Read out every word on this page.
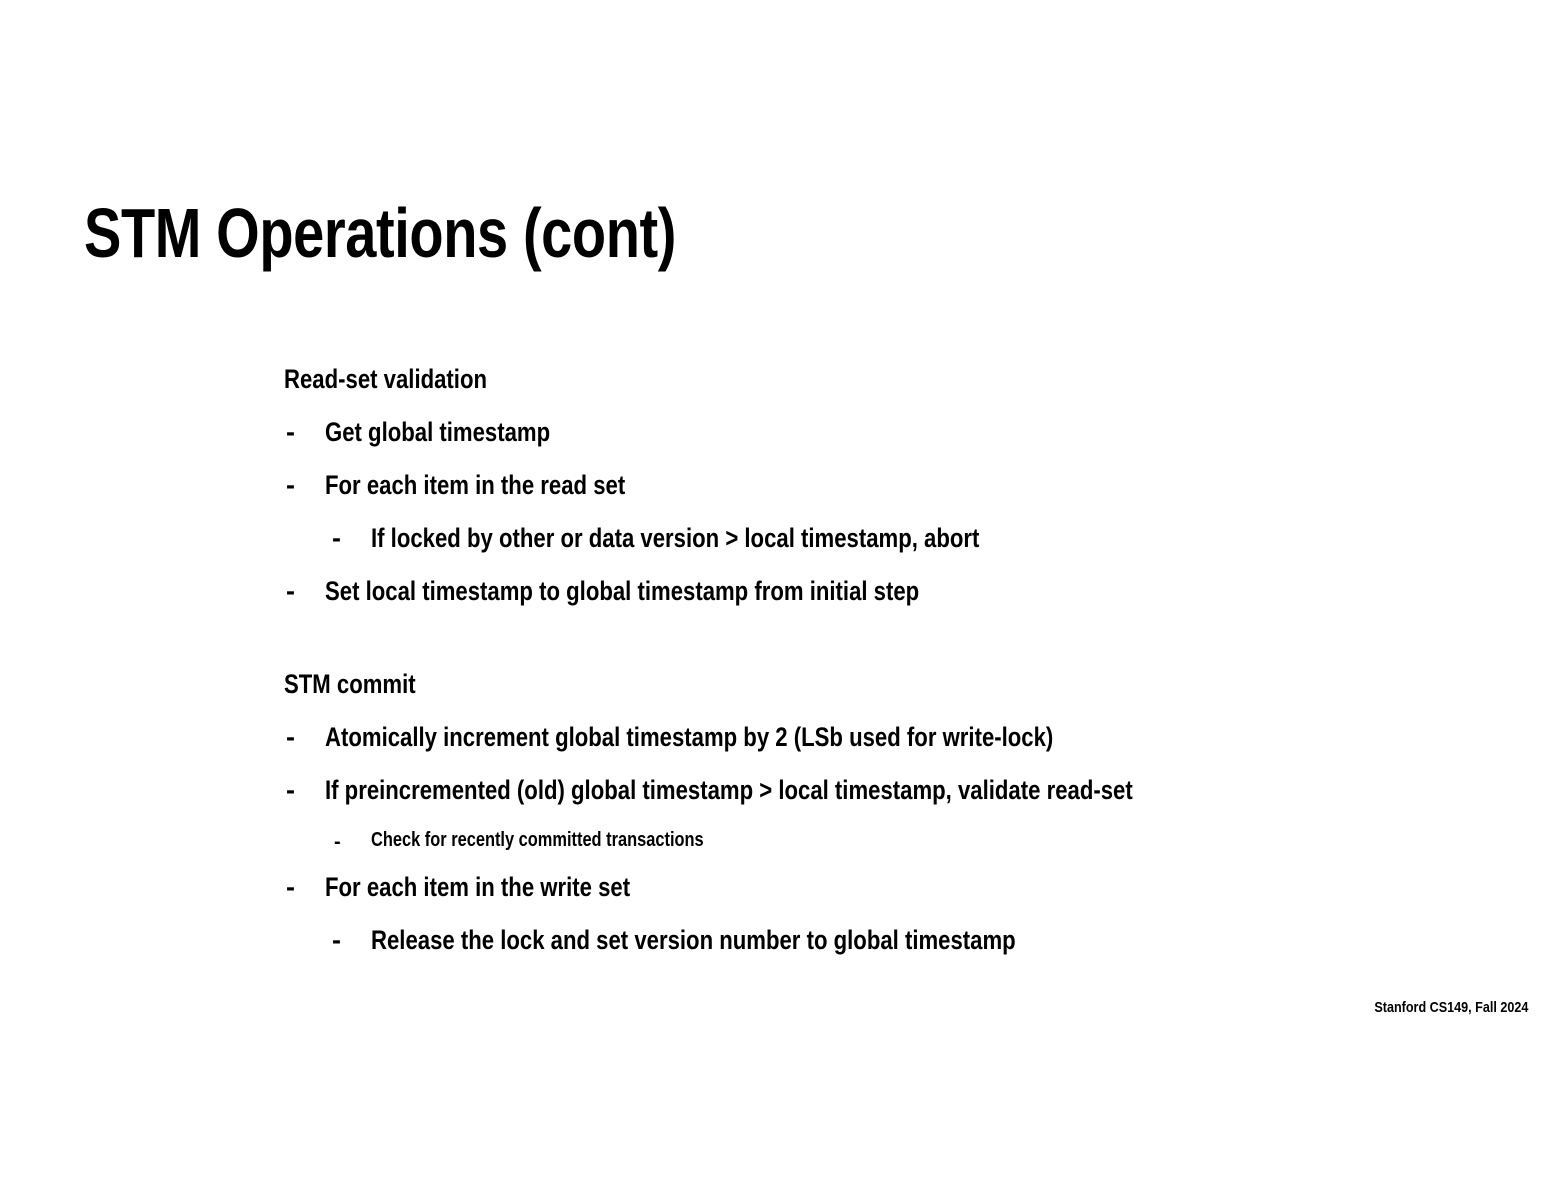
STM Operations (cont)
Read-set validation
- Get global timestamp
- For each item in the read set
- If locked by other or data version > local timestamp, abort
- Set local timestamp to global timestamp from initial step
STM commit
- Atomically increment global timestamp by 2 (LSb used for write-lock)
- If preincremented (old) global timestamp > local timestamp, validate read-set
- Check for recently committed transactions
- For each item in the write set
- Release the lock and set version number to global timestamp
Stanford CS149, Fall 2024
